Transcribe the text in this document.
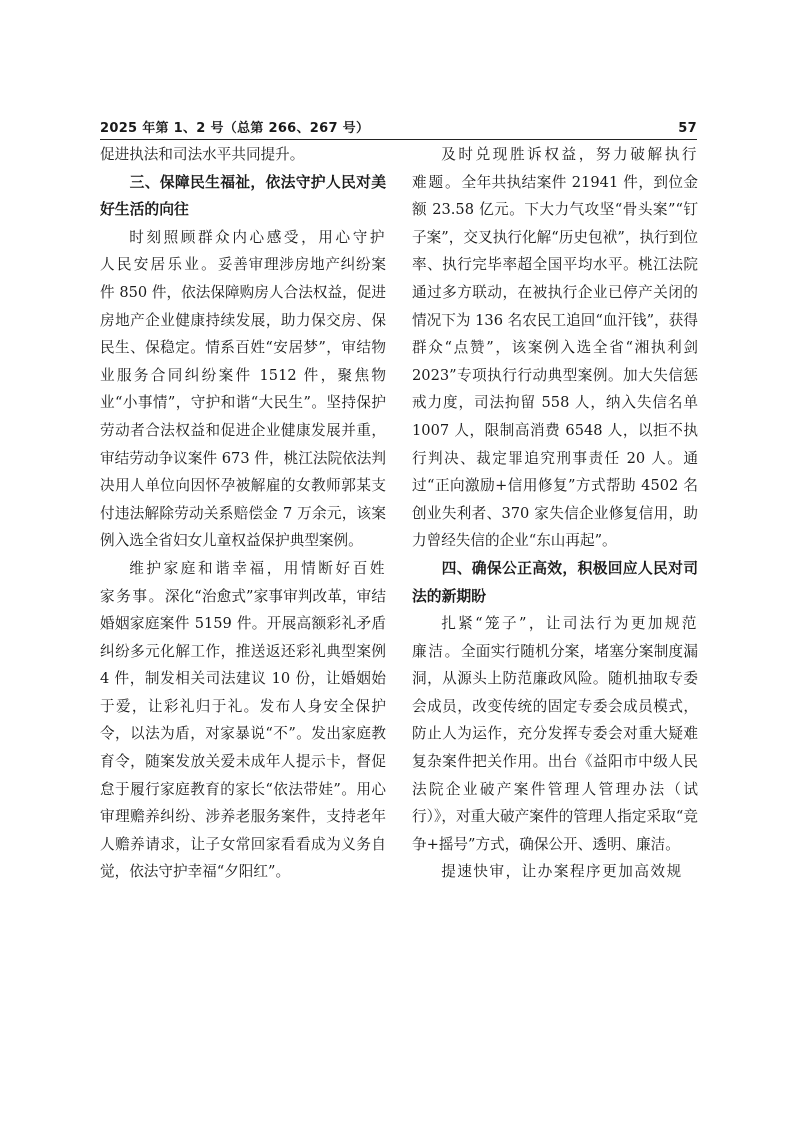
2025 年第 1、2 号（总第 266、267 号）	57

促进执法和司法水平共同提升。

三、保障民生福祉，依法守护人民对美好生活的向往

时刻照顾群众内心感受，用心守护人民安居乐业。妥善审理涉房地产纠纷案件 850 件，依法保障购房人合法权益，促进房地产企业健康持续发展，助力保交房、保民生、保稳定。情系百姓“安居梦”，审结物业服务合同纠纷案件 1512 件，聚焦物业“小事情”，守护和谐“大民生”。坚持保护劳动者合法权益和促进企业健康发展并重，审结劳动争议案件 673 件，桃江法院依法判决用人单位向因怀孕被解雇的女教师郭某支付违法解除劳动关系赔偿金 7 万余元，该案例入选全省妇女儿童权益保护典型案例。

维护家庭和谐幸福，用情断好百姓家务事。深化“治愈式”家事审判改革，审结婚姻家庭案件 5159 件。开展高额彩礼矛盾纠纷多元化解工作，推送返还彩礼典型案例 4 件，制发相关司法建议 10 份，让婚姻始于爱，让彩礼归于礼。发布人身安全保护令，以法为盾，对家暴说“不”。发出家庭教育令，随案发放关爱未成年人提示卡，督促怠于履行家庭教育的家长“依法带娃”。用心审理赡养纠纷、涉养老服务案件，支持老年人赡养请求，让子女常回家看看成为义务自觉，依法守护幸福“夕阳红”。

及时兑现胜诉权益，努力破解执行难题。全年共执结案件 21941 件，到位金额 23.58 亿元。下大力气攻坚“骨头案”“钉子案”，交叉执行化解“历史包袱”，执行到位率、执行完毕率超全国平均水平。桃江法院通过多方联动，在被执行企业已停产关闭的情况下为 136 名农民工追回“血汗钱”，获得群众“点赞”，该案例入选全省“湘执利剑 2023”专项执行行动典型案例。加大失信惩戒力度，司法拘留 558 人，纳入失信名单 1007 人，限制高消费 6548 人，以拒不执行判决、裁定罪追究刑事责任 20 人。通过“正向激励+信用修复”方式帮助 4502 名创业失利者、370 家失信企业修复信用，助力曾经失信的企业“东山再起”。

四、确保公正高效，积极回应人民对司法的新期盼

扎紧“笼子”，让司法行为更加规范廉洁。全面实行随机分案，堵塞分案制度漏洞，从源头上防范廉政风险。随机抽取专委会成员，改变传统的固定专委会成员模式，防止人为运作，充分发挥专委会对重大疑难复杂案件把关作用。出台《益阳市中级人民法院企业破产案件管理人管理办法（试行）》，对重大破产案件的管理人指定采取“竞争+摇号”方式，确保公开、透明、廉洁。

提速快审，让办案程序更加高效规
